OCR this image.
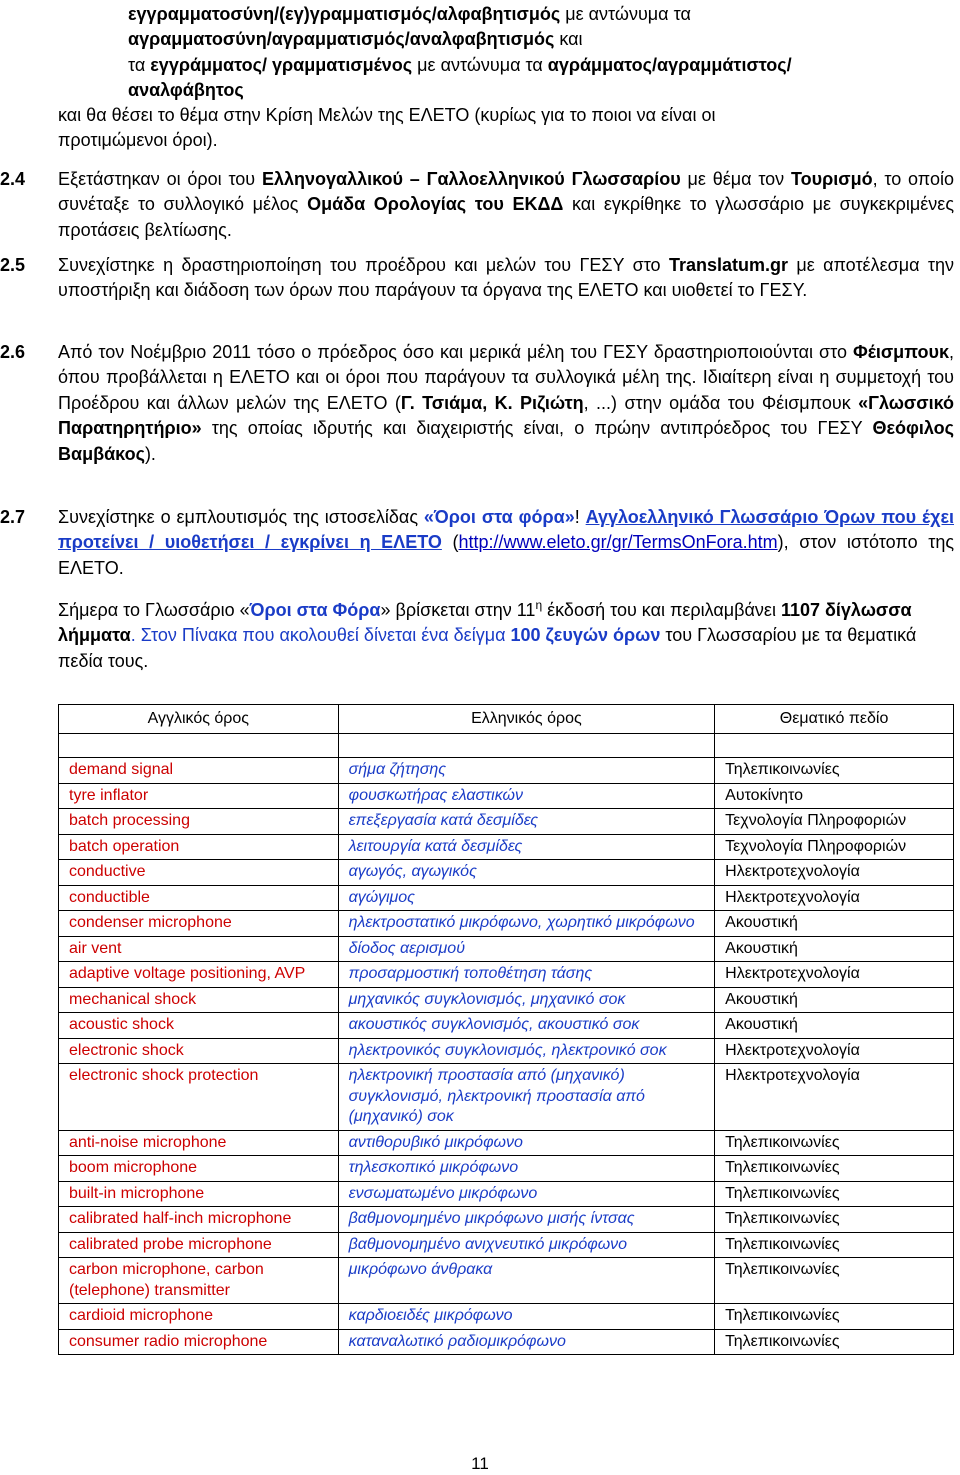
εγγραμματοσύνη/(εγ)γραμματισμός/αλφαβητισμός με αντώνυμα τα
αγραμματοσύνη/αγραμματισμός/αναλφαβητισμός και
τα εγγράμματος/ γραμματισμένος με αντώνυμα τα αγράμματος/αγραμμάτιστος/
αναλφάβητος
και θα θέσει το θέμα στην Κρίση Μελών της ΕΛΕΤΟ (κυρίως για το ποιοι να είναι οι
προτιμώμενοι όροι).
2.4	Εξετάστηκαν οι όροι του Ελληνογαλλικού – Γαλλοελληνικού Γλωσσαρίου με θέμα τον Τουρισμό, το οποίο συνέταξε το συλλογικό μέλος Ομάδα Ορολογίας του ΕΚΔΔ και εγκρίθηκε το γλωσσάριο με συγκεκριμένες προτάσεις βελτίωσης.
2.5	Συνεχίστηκε η δραστηριοποίηση του προέδρου και μελών του ΓΕΣΥ στο Translatum.gr με αποτέλεσμα την υποστήριξη και διάδοση των όρων που παράγουν τα όργανα της ΕΛΕΤΟ και υιοθετεί το ΓΕΣΥ.
2.6	Από τον Νοέμβριο 2011 τόσο ο πρόεδρος όσο και μερικά μέλη του ΓΕΣΥ δραστηριοποιούνται στο Φέισμπουκ, όπου προβάλλεται η ΕΛΕΤΟ και οι όροι που παράγουν τα συλλογικά μέλη της. Ιδιαίτερη είναι η συμμετοχή του Προέδρου και άλλων μελών της ΕΛΕΤΟ (Γ. Τσιάμα, Κ. Ριζιώτη, ...) στην ομάδα του Φέισμπουκ «Γλωσσικό Παρατηρητήριο» της οποίας ιδρυτής και διαχειριστής είναι, ο πρώην αντιπρόεδρος του ΓΕΣΥ Θεόφιλος Βαμβάκος).
2.7	Συνεχίστηκε ο εμπλουτισμός της ιστοσελίδας «Όροι στα φόρα»! Αγγλοελληνικό Γλωσσάριο Όρων που έχει προτείνει / υιοθετήσει / εγκρίνει η ΕΛΕΤΟ (http://www.eleto.gr/gr/TermsOnFora.htm), στον ιστότοπο της ΕΛΕΤΟ.
Σήμερα το Γλωσσάριο «Όροι στα Φόρα» βρίσκεται στην $11^\eta$ έκδοσή του και περιλαμβάνει 1107 δίγλωσσα λήμματα. Στον Πίνακα που ακολουθεί δίνεται ένα δείγμα 100 ζευγών όρων του Γλωσσαρίου με τα θεματικά πεδία τους.
Αγγλικός όρος	Ελληνικός όρος	Θεματικό πεδίο

demand signal	σήμα ζήτησης	Τηλεπικοινωνίες
tyre inflator	φουσκωτήρας ελαστικών	Αυτοκίνητο
batch processing	επεξεργασία κατά δεσμίδες	Τεχνολογία Πληροφοριών
batch operation	λειτουργία κατά δεσμίδες	Τεχνολογία Πληροφοριών
conductive	αγωγός, αγωγικός	Ηλεκτροτεχνολογία
conductible	αγώγιμος	Ηλεκτροτεχνολογία
condenser microphone	ηλεκτροστατικό μικρόφωνο, χωρητικό μικρόφωνο	Ακουστική
air vent	δίοδος αερισμού	Ακουστική
adaptive voltage positioning, AVP	προσαρμοστική τοποθέτηση τάσης	Ηλεκτροτεχνολογία
mechanical shock	μηχανικός συγκλονισμός, μηχανικό σοκ	Ακουστική
acoustic shock	ακουστικός συγκλονισμός, ακουστικό σοκ	Ακουστική
electronic shock	ηλεκτρονικός συγκλονισμός, ηλεκτρονικό σοκ	Ηλεκτροτεχνολογία
electronic shock protection	ηλεκτρονική προστασία από (μηχανικό) συγκλονισμό, ηλεκτρονική προστασία από (μηχανικό) σοκ	Ηλεκτροτεχνολογία
anti-noise microphone	αντιθορυβικό μικρόφωνο	Τηλεπικοινωνίες
boom microphone	τηλεσκοπικό μικρόφωνο	Τηλεπικοινωνίες
built-in microphone	ενσωματωμένο μικρόφωνο	Τηλεπικοινωνίες
calibrated half-inch microphone	βαθμονομημένο μικρόφωνο μισής ίντσας	Τηλεπικοινωνίες
calibrated probe microphone	βαθμονομημένο ανιχνευτικό μικρόφωνο	Τηλεπικοινωνίες
carbon microphone, carbon (telephone) transmitter	μικρόφωνο άνθρακα	Τηλεπικοινωνίες
cardioid microphone	καρδιοειδές μικρόφωνο	Τηλεπικοινωνίες
consumer radio microphone	καταναλωτικό ραδιομικρόφωνο	Τηλεπικοινωνίες
11
